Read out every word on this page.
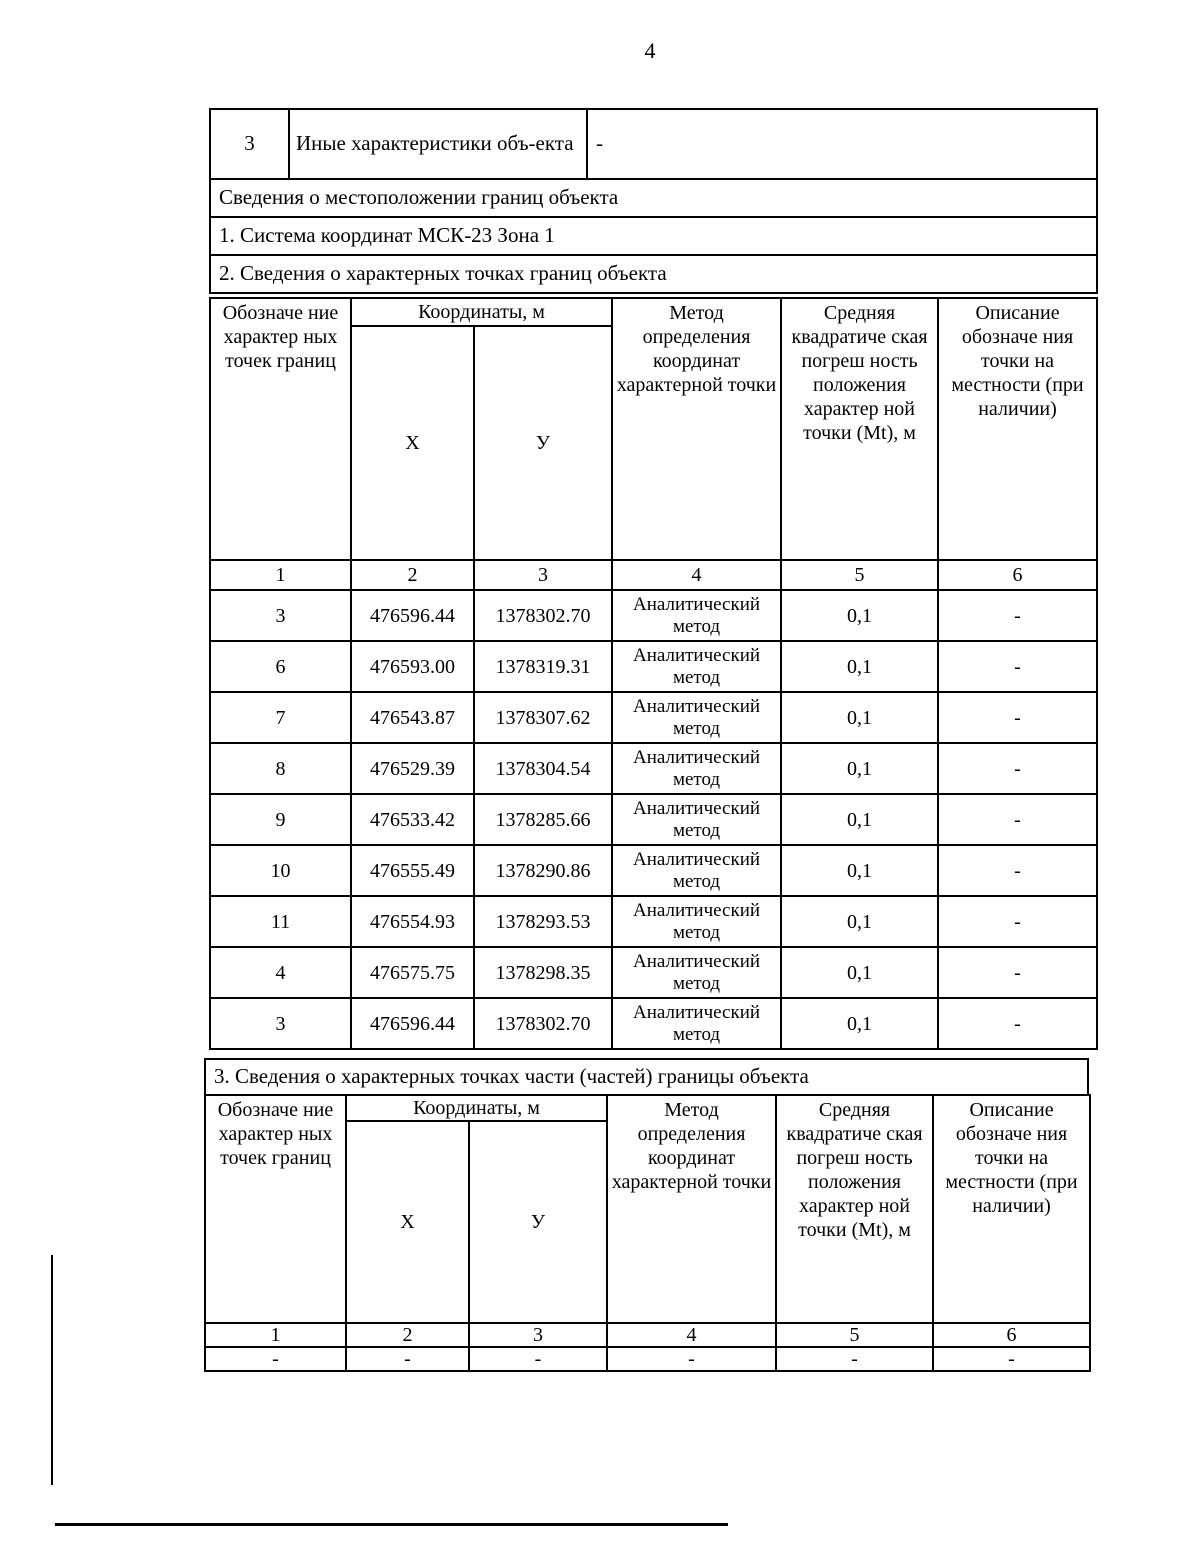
4
3	Иные характеристики объ-екта	-
Сведения о местоположении границ объекта
1. Система координат МСК-23 Зона 1
2. Сведения о характерных точках границ объекта
Обозначе ние характер ных точек границ	Координаты, м		Метод определения координат характерной точки	Средняя квадратиче ская погреш ность положения характер ной точки (Mt), м	Описание обозначе ния точки на местности (при наличии)
	X	У			
1	2	3	4	5	6
3	476596.44	1378302.70	Аналитический метод	0,1	-
6	476593.00	1378319.31	Аналитический метод	0,1	-
7	476543.87	1378307.62	Аналитический метод	0,1	-
8	476529.39	1378304.54	Аналитический метод	0,1	-
9	476533.42	1378285.66	Аналитический метод	0,1	-
10	476555.49	1378290.86	Аналитический метод	0,1	-
11	476554.93	1378293.53	Аналитический метод	0,1	-
4	476575.75	1378298.35	Аналитический метод	0,1	-
3	476596.44	1378302.70	Аналитический метод	0,1	-
3. Сведения о характерных точках части (частей) границы объекта
Обозначе ние характер ных точек границ	Координаты, м		Метод определения координат характерной точки	Средняя квадратиче ская погреш ность положения характер ной точки (Mt), м	Описание обозначе ния точки на местности (при наличии)
	X	У			
1	2	3	4	5	6
-	-	-	-	-	-
